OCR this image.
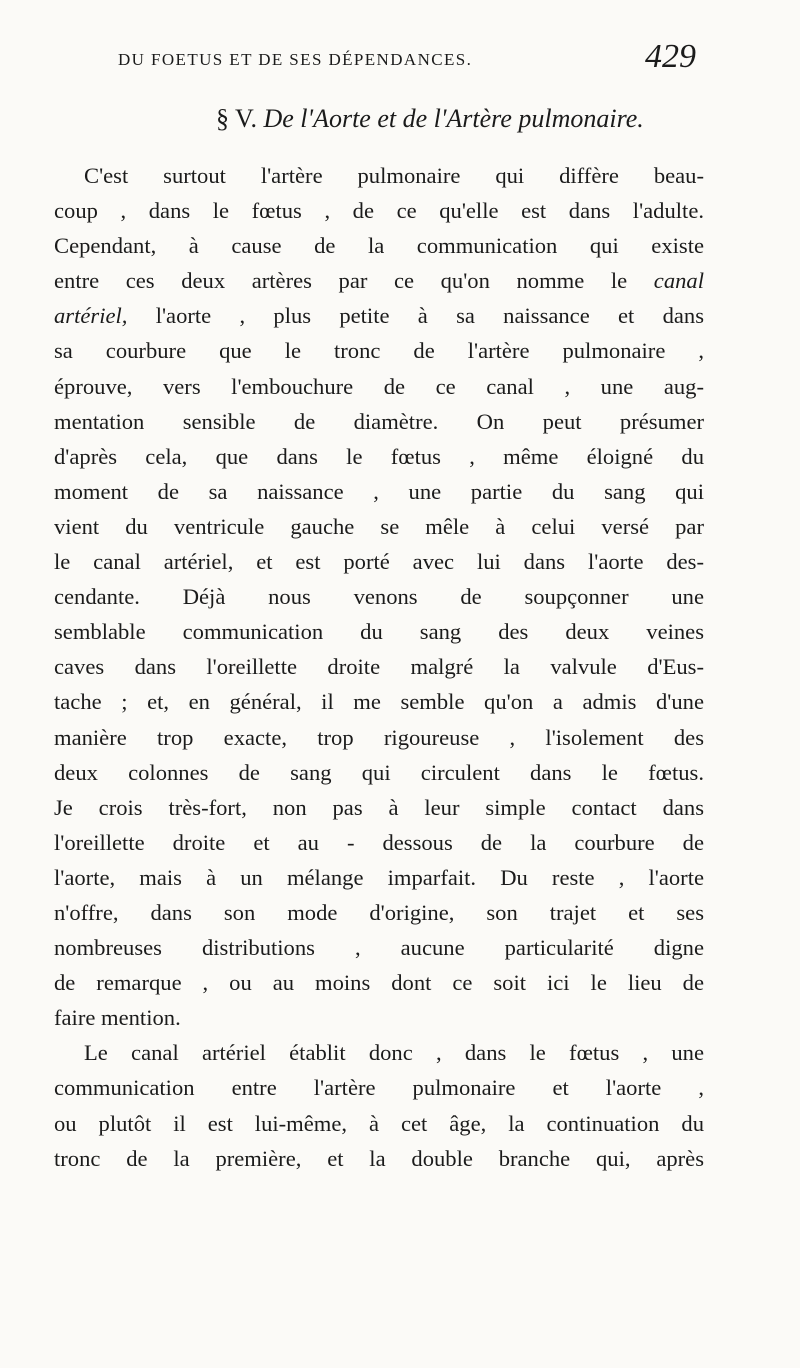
DU FOETUS ET DE SES DÉPENDANCES.	429
§ V. De l'Aorte et de l'Artère pulmonaire.
C'est surtout l'artère pulmonaire qui diffère beau-
coup , dans le fœtus , de ce qu'elle est dans l'adulte.
Cependant, à cause de la communication qui existe
entre ces deux artères par ce qu'on nomme le canal
artériel, l'aorte , plus petite à sa naissance et dans
sa courbure que le tronc de l'artère pulmonaire ,
éprouve, vers l'embouchure de ce canal , une aug-
mentation sensible de diamètre. On peut présumer
d'après cela, que dans le fœtus , même éloigné du
moment de sa naissance , une partie du sang qui
vient du ventricule gauche se mêle à celui versé par
le canal artériel, et est porté avec lui dans l'aorte des-
cendante. Déjà nous venons de soupçonner une
semblable communication du sang des deux veines
caves dans l'oreillette droite malgré la valvule d'Eus-
tache ; et, en général, il me semble qu'on a admis d'une
manière trop exacte, trop rigoureuse , l'isolement des
deux colonnes de sang qui circulent dans le fœtus.
Je crois très-fort, non pas à leur simple contact dans
l'oreillette droite et au - dessous de la courbure de
l'aorte, mais à un mélange imparfait. Du reste , l'aorte
n'offre, dans son mode d'origine, son trajet et ses
nombreuses distributions , aucune particularité digne
de remarque , ou au moins dont ce soit ici le lieu de
faire mention.
Le canal artériel établit donc , dans le fœtus , une
communication entre l'artère pulmonaire et l'aorte ,
ou plutôt il est lui-même, à cet âge, la continuation du
tronc de la première, et la double branche qui, après
